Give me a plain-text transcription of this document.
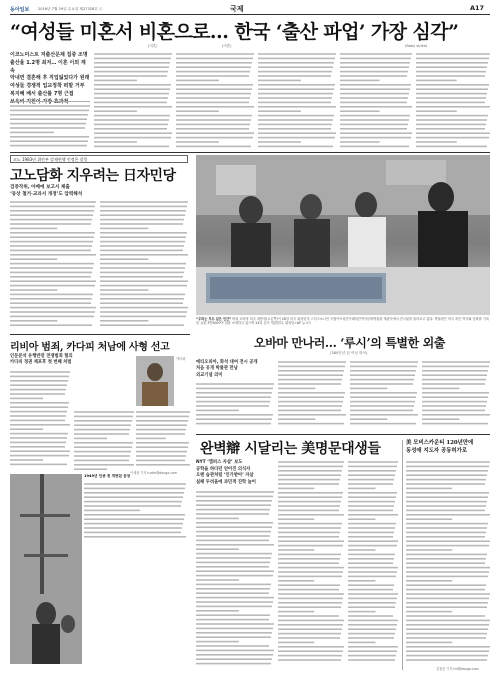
동아일보 2016년 7월 29일 수요일 제27328호 ⓒ	국제	A17
“여성들 미혼서 비혼으로… 한국 ‘출산 파업’ 가장 심각”
(미혼)	(비혼)	(Baby strike)
이코노미스트 저출산문제 집중 조명
출산율 1.2명 최저… 이혼 이외 계속
악내면 결혼해 후 직업잃었다가 원래
여성들 경쟁적 업교정착 떠맡 거부
복지혜 배서 출산률 7명 근접
보육비 지원이 가장 효과적
코노 1983년 위안부 강제연행 인정은 잘못
고노담화 지우려는 日자민당
검증작위, 아베에 보고서 제출
‘동상 철거·교과서 개정’도 압력해석
“우리는 모두 같은 인간” 버락 오바마 미국 대통령(오른쪽)이 28일 미국 워싱턴의 스미스소니언 국립아프리칸아메리칸역사문화박물관 개관식에서 전시물을 둘러보고 있다. 박물관은 미국 흑인 역사와 문화를 기록한 유물 3만5000여 점을 소장하고 있으며 24일 공식 개관한다. 워싱턴=AP 뉴시스
오바마 만나러… ‘루시’의 특별한 외출
(380만년 된 여성 화석)
에티오피아, 화석 대여 전시 공개
처음 공개 박물관 만남
외교기념 의미
리비아 범죄, 카다피 처남에 사형 선고
인문분석 유행반장 전쟁범죄 혐의
카다피 정권 체포후 첫 번째 처벌
카다피
완벽辯 시달리는 美명문대생들
NYT ‘캠퍼스 자살’ 보도
공학을 하다던 얻어진 의식자
오랜 습관처럼 ‘인가받아’ 자살
실패 두려움에 과민적 진학 늘어
美 모비스카운티 120년만에
동성애 지도자 공동허가로
1949년 인종 첫 개편된 등장
이세형 기자 turtle@donga.com
김철중 기자 tnf@donga.com
